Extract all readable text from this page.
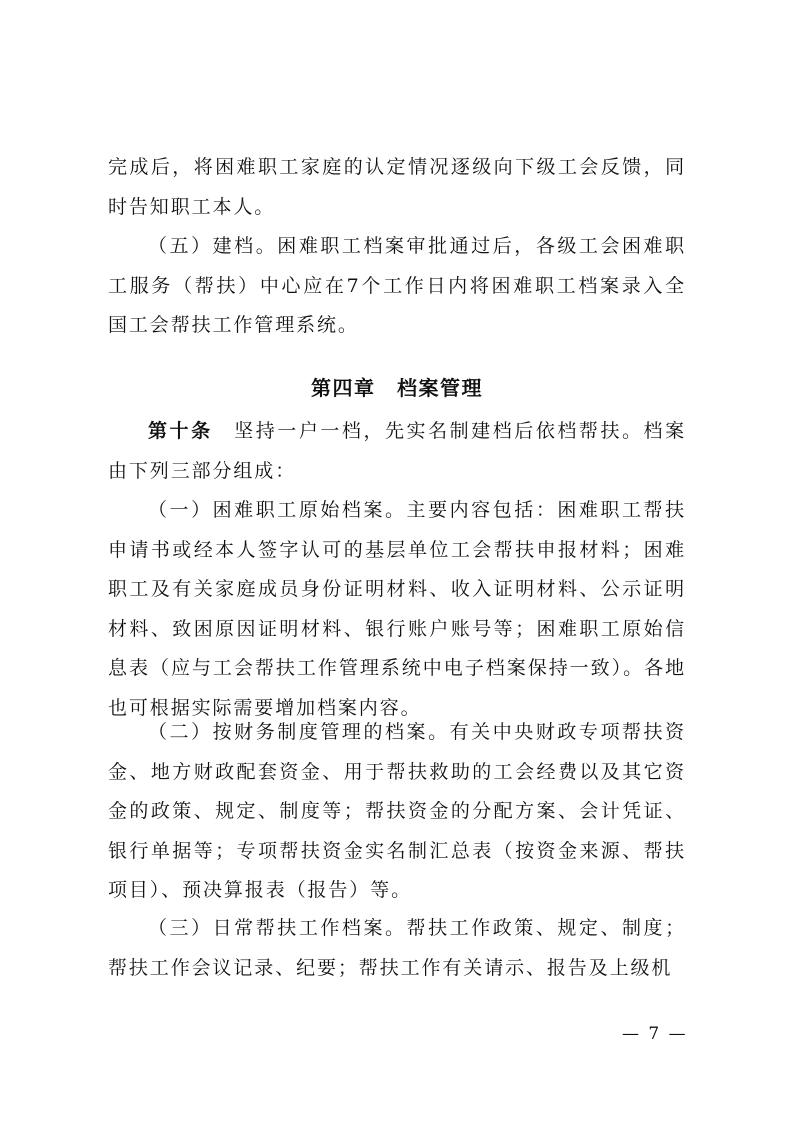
完成后，将困难职工家庭的认定情况逐级向下级工会反馈，同时告知职工本人。

（五）建档。困难职工档案审批通过后，各级工会困难职工服务（帮扶）中心应在7个工作日内将困难职工档案录入全国工会帮扶工作管理系统。

第四章　档案管理

第十条　坚持一户一档，先实名制建档后依档帮扶。档案由下列三部分组成：

（一）困难职工原始档案。主要内容包括：困难职工帮扶申请书或经本人签字认可的基层单位工会帮扶申报材料；困难职工及有关家庭成员身份证明材料、收入证明材料、公示证明材料、致困原因证明材料、银行账户账号等；困难职工原始信息表（应与工会帮扶工作管理系统中电子档案保持一致）。各地也可根据实际需要增加档案内容。

（二）按财务制度管理的档案。有关中央财政专项帮扶资金、地方财政配套资金、用于帮扶救助的工会经费以及其它资金的政策、规定、制度等；帮扶资金的分配方案、会计凭证、银行单据等；专项帮扶资金实名制汇总表（按资金来源、帮扶项目）、预决算报表（报告）等。

（三）日常帮扶工作档案。帮扶工作政策、规定、制度；帮扶工作会议记录、纪要；帮扶工作有关请示、报告及上级机

— 7 —
